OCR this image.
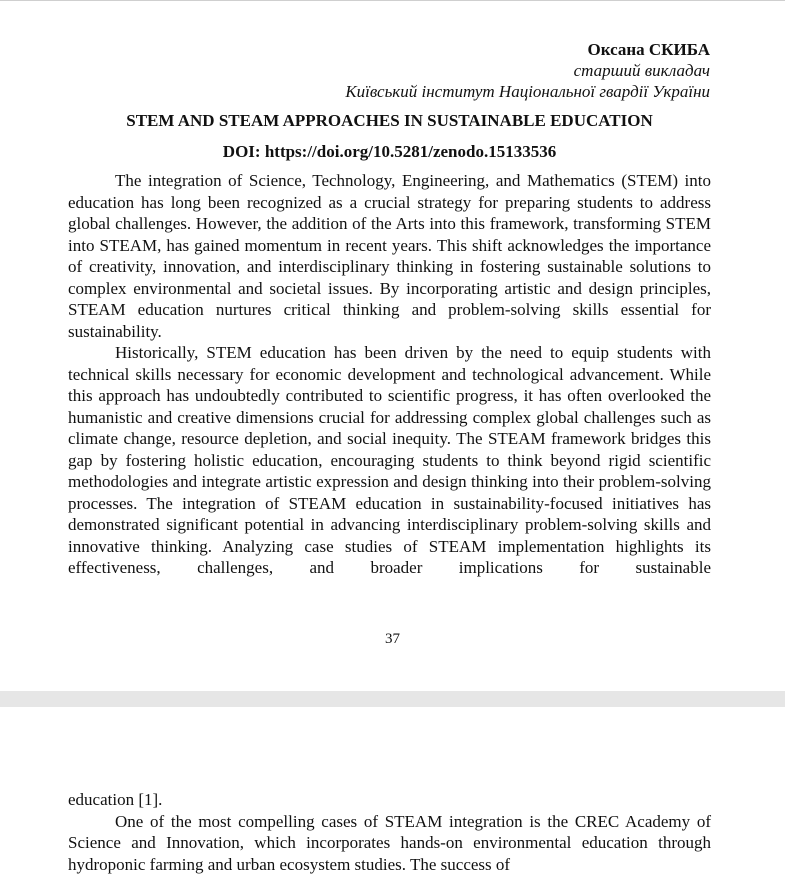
Оксана СКИБА
старший викладач
Київський інститут Національної гвардії України
STEM AND STEAM APPROACHES IN SUSTAINABLE EDUCATION
DOI: https://doi.org/10.5281/zenodo.15133536

The integration of Science, Technology, Engineering, and Mathematics (STEM) into education has long been recognized as a crucial strategy for preparing students to address global challenges. However, the addition of the Arts into this framework, transforming STEM into STEAM, has gained momentum in recent years. This shift acknowledges the importance of creativity, innovation, and interdisciplinary thinking in fostering sustainable solutions to complex environmental and societal issues. By incorporating artistic and design principles, STEAM education nurtures critical thinking and problem-solving skills essential for sustainability.

Historically, STEM education has been driven by the need to equip students with technical skills necessary for economic development and technological advancement. While this approach has undoubtedly contributed to scientific progress, it has often overlooked the humanistic and creative dimensions crucial for addressing complex global challenges such as climate change, resource depletion, and social inequity. The STEAM framework bridges this gap by fostering holistic education, encouraging students to think beyond rigid scientific methodologies and integrate artistic expression and design thinking into their problem-solving processes. The integration of STEAM education in sustainability-focused initiatives has demonstrated significant potential in advancing interdisciplinary problem-solving skills and innovative thinking. Analyzing case studies of STEAM implementation highlights its effectiveness, challenges, and broader implications for sustainable

37

education [1].

One of the most compelling cases of STEAM integration is the CREC Academy of Science and Innovation, which incorporates hands-on environmental education through hydroponic farming and urban ecosystem studies. The success of
